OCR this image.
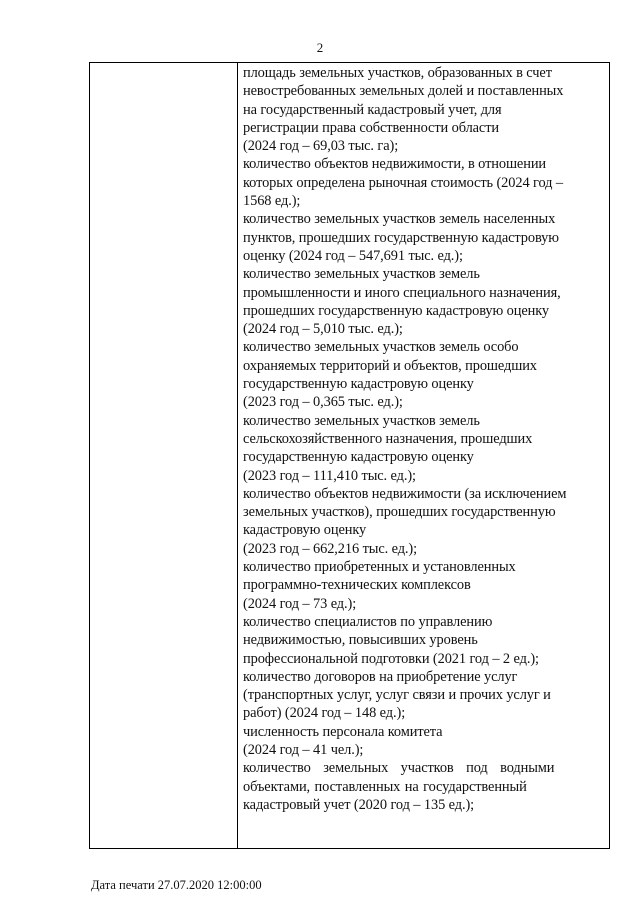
2

площадь земельных участков, образованных в счет

невостребованных земельных долей и поставленных

на государственный кадастровый учет, для

регистрации права собственности области

(2024 год – 69,03 тыс. га);

количество объектов недвижимости, в отношении

которых определена рыночная стоимость (2024 год –

1568 ед.);

количество земельных участков земель населенных

пунктов, прошедших государственную кадастровую

оценку (2024 год – 547,691 тыс. ед.);

количество земельных участков земель

промышленности и иного специального назначения,

прошедших государственную кадастровую оценку

(2024 год – 5,010 тыс. ед.);

количество земельных участков земель особо

охраняемых территорий и объектов, прошедших

государственную кадастровую оценку

(2023 год – 0,365 тыс. ед.);

количество земельных участков земель

сельскохозяйственного назначения, прошедших

государственную кадастровую оценку

(2023 год – 111,410 тыс. ед.);

количество объектов недвижимости (за исключением

земельных участков), прошедших государственную

кадастровую оценку

(2023 год – 662,216 тыс. ед.);

количество приобретенных и установленных

программно-технических комплексов

(2024 год – 73 ед.);

количество специалистов по управлению

недвижимостью, повысивших уровень

профессиональной подготовки (2021 год – 2 ед.);

количество договоров на приобретение услуг

(транспортных услуг, услуг связи и прочих услуг и

работ) (2024 год – 148 ед.);

численность персонала комитета

(2024 год – 41 чел.);

количество земельных участков под водными

объектами, поставленных на государственный

кадастровый учет (2020 год – 135 ед.);

Дата печати 27.07.2020 12:00:00
